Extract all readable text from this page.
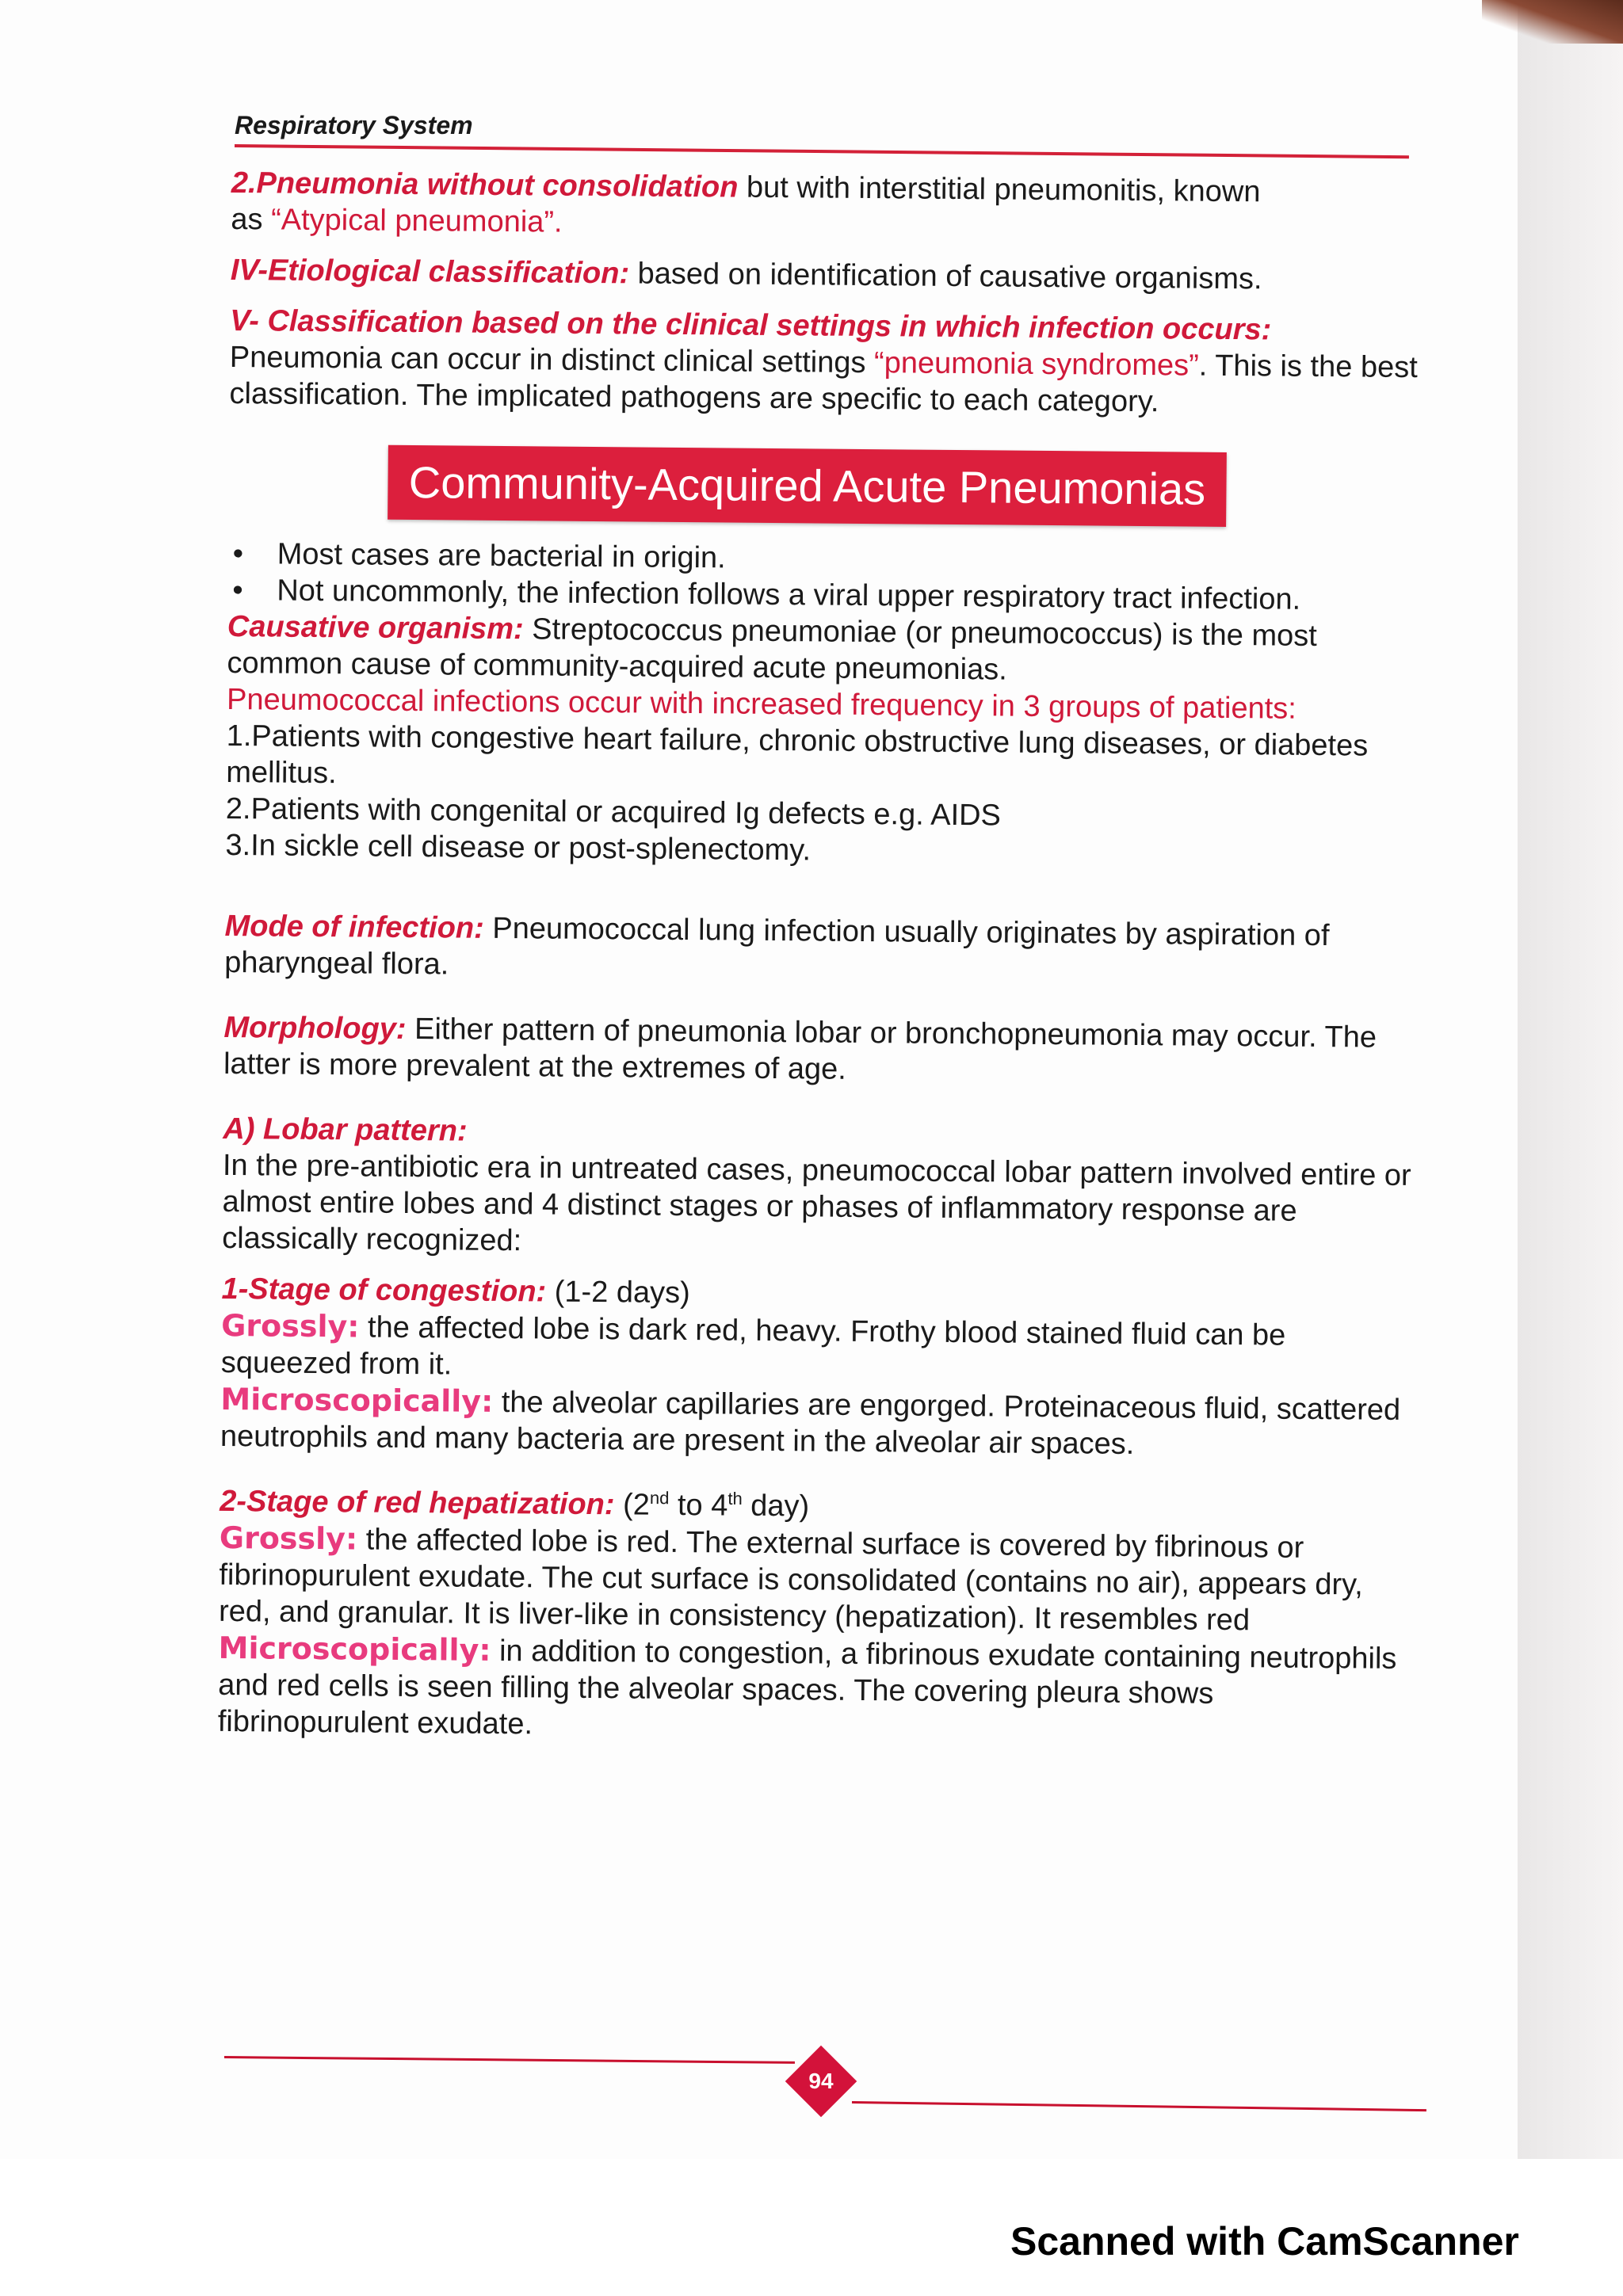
Respiratory System

2.Pneumonia without consolidation but with interstitial pneumonitis, known
as “Atypical pneumonia”.

IV-Etiological classification: based on identification of causative organisms.

V- Classification based on the clinical settings in which infection occurs:
Pneumonia can occur in distinct clinical settings “pneumonia syndromes”. This is the best classification. The implicated pathogens are specific to each category.

Community-Acquired Acute Pneumonias
•	Most cases are bacterial in origin.
•	Not uncommonly, the infection follows a viral upper respiratory tract infection.

Causative organism: Streptococcus pneumoniae (or pneumococcus) is the most common cause of community-acquired acute pneumonias.

Pneumococcal infections occur with increased frequency in 3 groups of patients:
1.Patients with congestive heart failure, chronic obstructive lung diseases, or diabetes mellitus.
2.Patients with congenital or acquired Ig defects e.g. AIDS
3.In sickle cell disease or post-splenectomy.

Mode of infection: Pneumococcal lung infection usually originates by aspiration of pharyngeal flora.

Morphology: Either pattern of pneumonia lobar or bronchopneumonia may occur. The latter is more prevalent at the extremes of age.

A) Lobar pattern:
In the pre-antibiotic era in untreated cases, pneumococcal lobar pattern involved entire or almost entire lobes and 4 distinct stages or phases of inflammatory response are classically recognized:

1-Stage of congestion: (1-2 days)
Grossly: the affected lobe is dark red, heavy. Frothy blood stained fluid can be squeezed from it.
Microscopically: the alveolar capillaries are engorged. Proteinaceous fluid, scattered neutrophils and many bacteria are present in the alveolar air spaces.

2-Stage of red hepatization: (2nd to 4th day)
Grossly: the affected lobe is red. The external surface is covered by fibrinous or fibrinopurulent exudate. The cut surface is consolidated (contains no air), appears dry, red, and granular. It is liver-like in consistency (hepatization). It resembles red
Microscopically: in addition to congestion, a fibrinous exudate containing neutrophils and red cells is seen filling the alveolar spaces. The covering pleura shows fibrinopurulent exudate.

94
Scanned with CamScanner
